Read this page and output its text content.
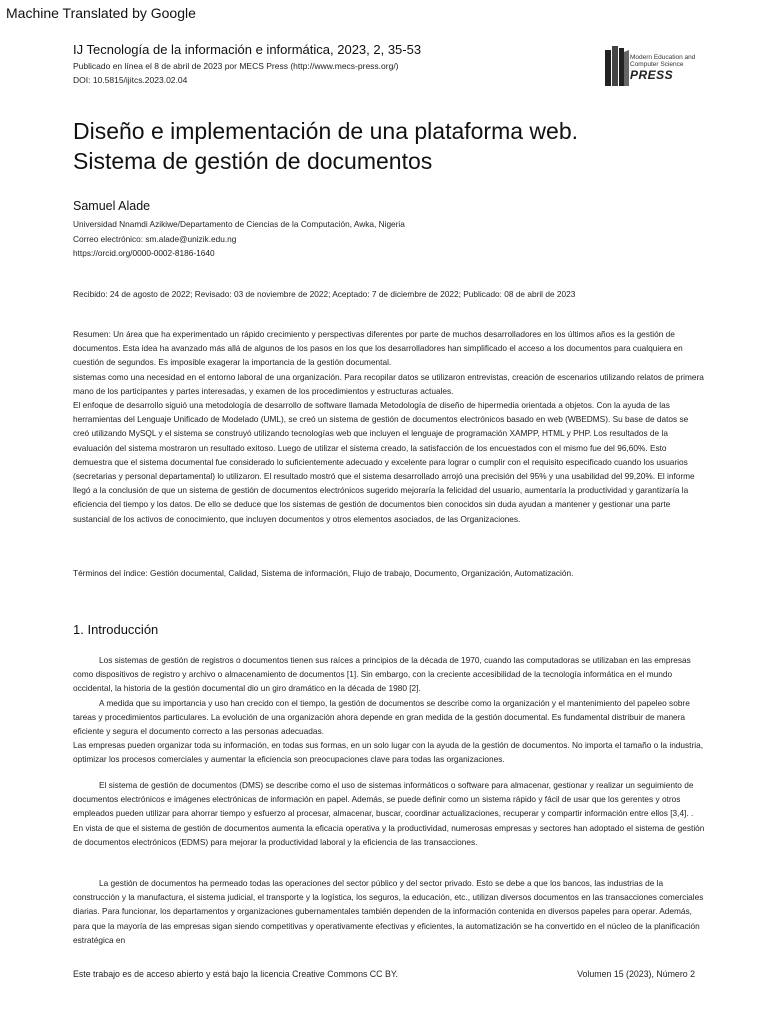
Machine Translated by Google
IJ Tecnología de la información e informática, 2023, 2, 35-53
Publicado en línea el 8 de abril de 2023 por MECS Press (http://www.mecs-press.org/)
DOI: 10.5815/ijitcs.2023.02.04
Modern Education and Computer Science
PRESS
Diseño e implementación de una plataforma web.
Sistema de gestión de documentos
Samuel Alade
Universidad Nnamdi Azikiwe/Departamento de Ciencias de la Computación, Awka, Nigeria
Correo electrónico: sm.alade@unizik.edu.ng
https://orcid.org/0000-0002-8186-1640
Recibido: 24 de agosto de 2022; Revisado: 03 de noviembre de 2022; Aceptado: 7 de diciembre de 2022; Publicado: 08 de abril de 2023

Resumen: Un área que ha experimentado un rápido crecimiento y perspectivas diferentes por parte de muchos desarrolladores en los últimos años es la gestión de documentos. Esta idea ha avanzado más allá de algunos de los pasos en los que los desarrolladores han simplificado el acceso a los documentos para cualquiera en cuestión de segundos. Es imposible exagerar la importancia de la gestión documental.

sistemas como una necesidad en el entorno laboral de una organización. Para recopilar datos se utilizaron entrevistas, creación de escenarios utilizando relatos de primera mano de los participantes y partes interesadas, y examen de los procedimientos y estructuras actuales.

El enfoque de desarrollo siguió una metodología de desarrollo de software llamada Metodología de diseño de hipermedia orientada a objetos. Con la ayuda de las herramientas del Lenguaje Unificado de Modelado (UML), se creó un sistema de gestión de documentos electrónicos basado en web (WBEDMS). Su base de datos se creó utilizando MySQL y el sistema se construyó utilizando tecnologías web que incluyen el lenguaje de programación XAMPP, HTML y PHP. Los resultados de la evaluación del sistema mostraron un resultado exitoso. Luego de utilizar el sistema creado, la satisfacción de los encuestados con el mismo fue del 96,60%. Esto demuestra que el sistema documental fue considerado lo suficientemente adecuado y excelente para lograr o cumplir con el requisito especificado cuando los usuarios (secretarias y personal departamental) lo utilizaron. El resultado mostró que el sistema desarrollado arrojó una precisión del 95% y una usabilidad del 99,20%. El informe llegó a la conclusión de que un sistema de gestión de documentos electrónicos sugerido mejoraría la felicidad del usuario, aumentaría la productividad y garantizaría la eficiencia del tiempo y los datos. De ello se deduce que los sistemas de gestión de documentos bien conocidos sin duda ayudan a mantener y gestionar una parte sustancial de los activos de conocimiento, que incluyen documentos y otros elementos asociados, de las Organizaciones.

Términos del índice: Gestión documental, Calidad, Sistema de información, Flujo de trabajo, Documento, Organización, Automatización.
1. Introducción

Los sistemas de gestión de registros o documentos tienen sus raíces a principios de la década de 1970, cuando las computadoras se utilizaban en las empresas como dispositivos de registro y archivo o almacenamiento de documentos [1]. Sin embargo, con la creciente accesibilidad de la tecnología informática en el mundo occidental, la historia de la gestión documental dio un giro dramático en la década de 1980 [2].

A medida que su importancia y uso han crecido con el tiempo, la gestión de documentos se describe como la organización y el mantenimiento del papeleo sobre tareas y procedimientos particulares. La evolución de una organización ahora depende en gran medida de la gestión documental. Es fundamental distribuir de manera eficiente y segura el documento correcto a las personas adecuadas.

Las empresas pueden organizar toda su información, en todas sus formas, en un solo lugar con la ayuda de la gestión de documentos. No importa el tamaño o la industria, optimizar los procesos comerciales y aumentar la eficiencia son preocupaciones clave para todas las organizaciones.

El sistema de gestión de documentos (DMS) se describe como el uso de sistemas informáticos o software para almacenar, gestionar y realizar un seguimiento de documentos electrónicos e imágenes electrónicas de información en papel. Además, se puede definir como un sistema rápido y fácil de usar que los gerentes y otros empleados pueden utilizar para ahorrar tiempo y esfuerzo al procesar, almacenar, buscar, coordinar actualizaciones, recuperar y compartir información entre ellos [3,4]. . En vista de que el sistema de gestión de documentos aumenta la eficacia operativa y la productividad, numerosas empresas y sectores han adoptado el sistema de gestión de documentos electrónicos (EDMS) para mejorar la productividad laboral y la eficiencia de las transacciones.

La gestión de documentos ha permeado todas las operaciones del sector público y del sector privado. Esto se debe a que los bancos, las industrias de la construcción y la manufactura, el sistema judicial, el transporte y la logística, los seguros, la educación, etc., utilizan diversos documentos en las transacciones comerciales diarias. Para funcionar, los departamentos y organizaciones gubernamentales también dependen de la información contenida en diversos papeles para operar. Además, para que la mayoría de las empresas sigan siendo competitivas y operativamente efectivas y eficientes, la automatización se ha convertido en el núcleo de la planificación estratégica en

Este trabajo es de acceso abierto y está bajo la licencia Creative Commons CC BY.	Volumen 15 (2023), Número 2
